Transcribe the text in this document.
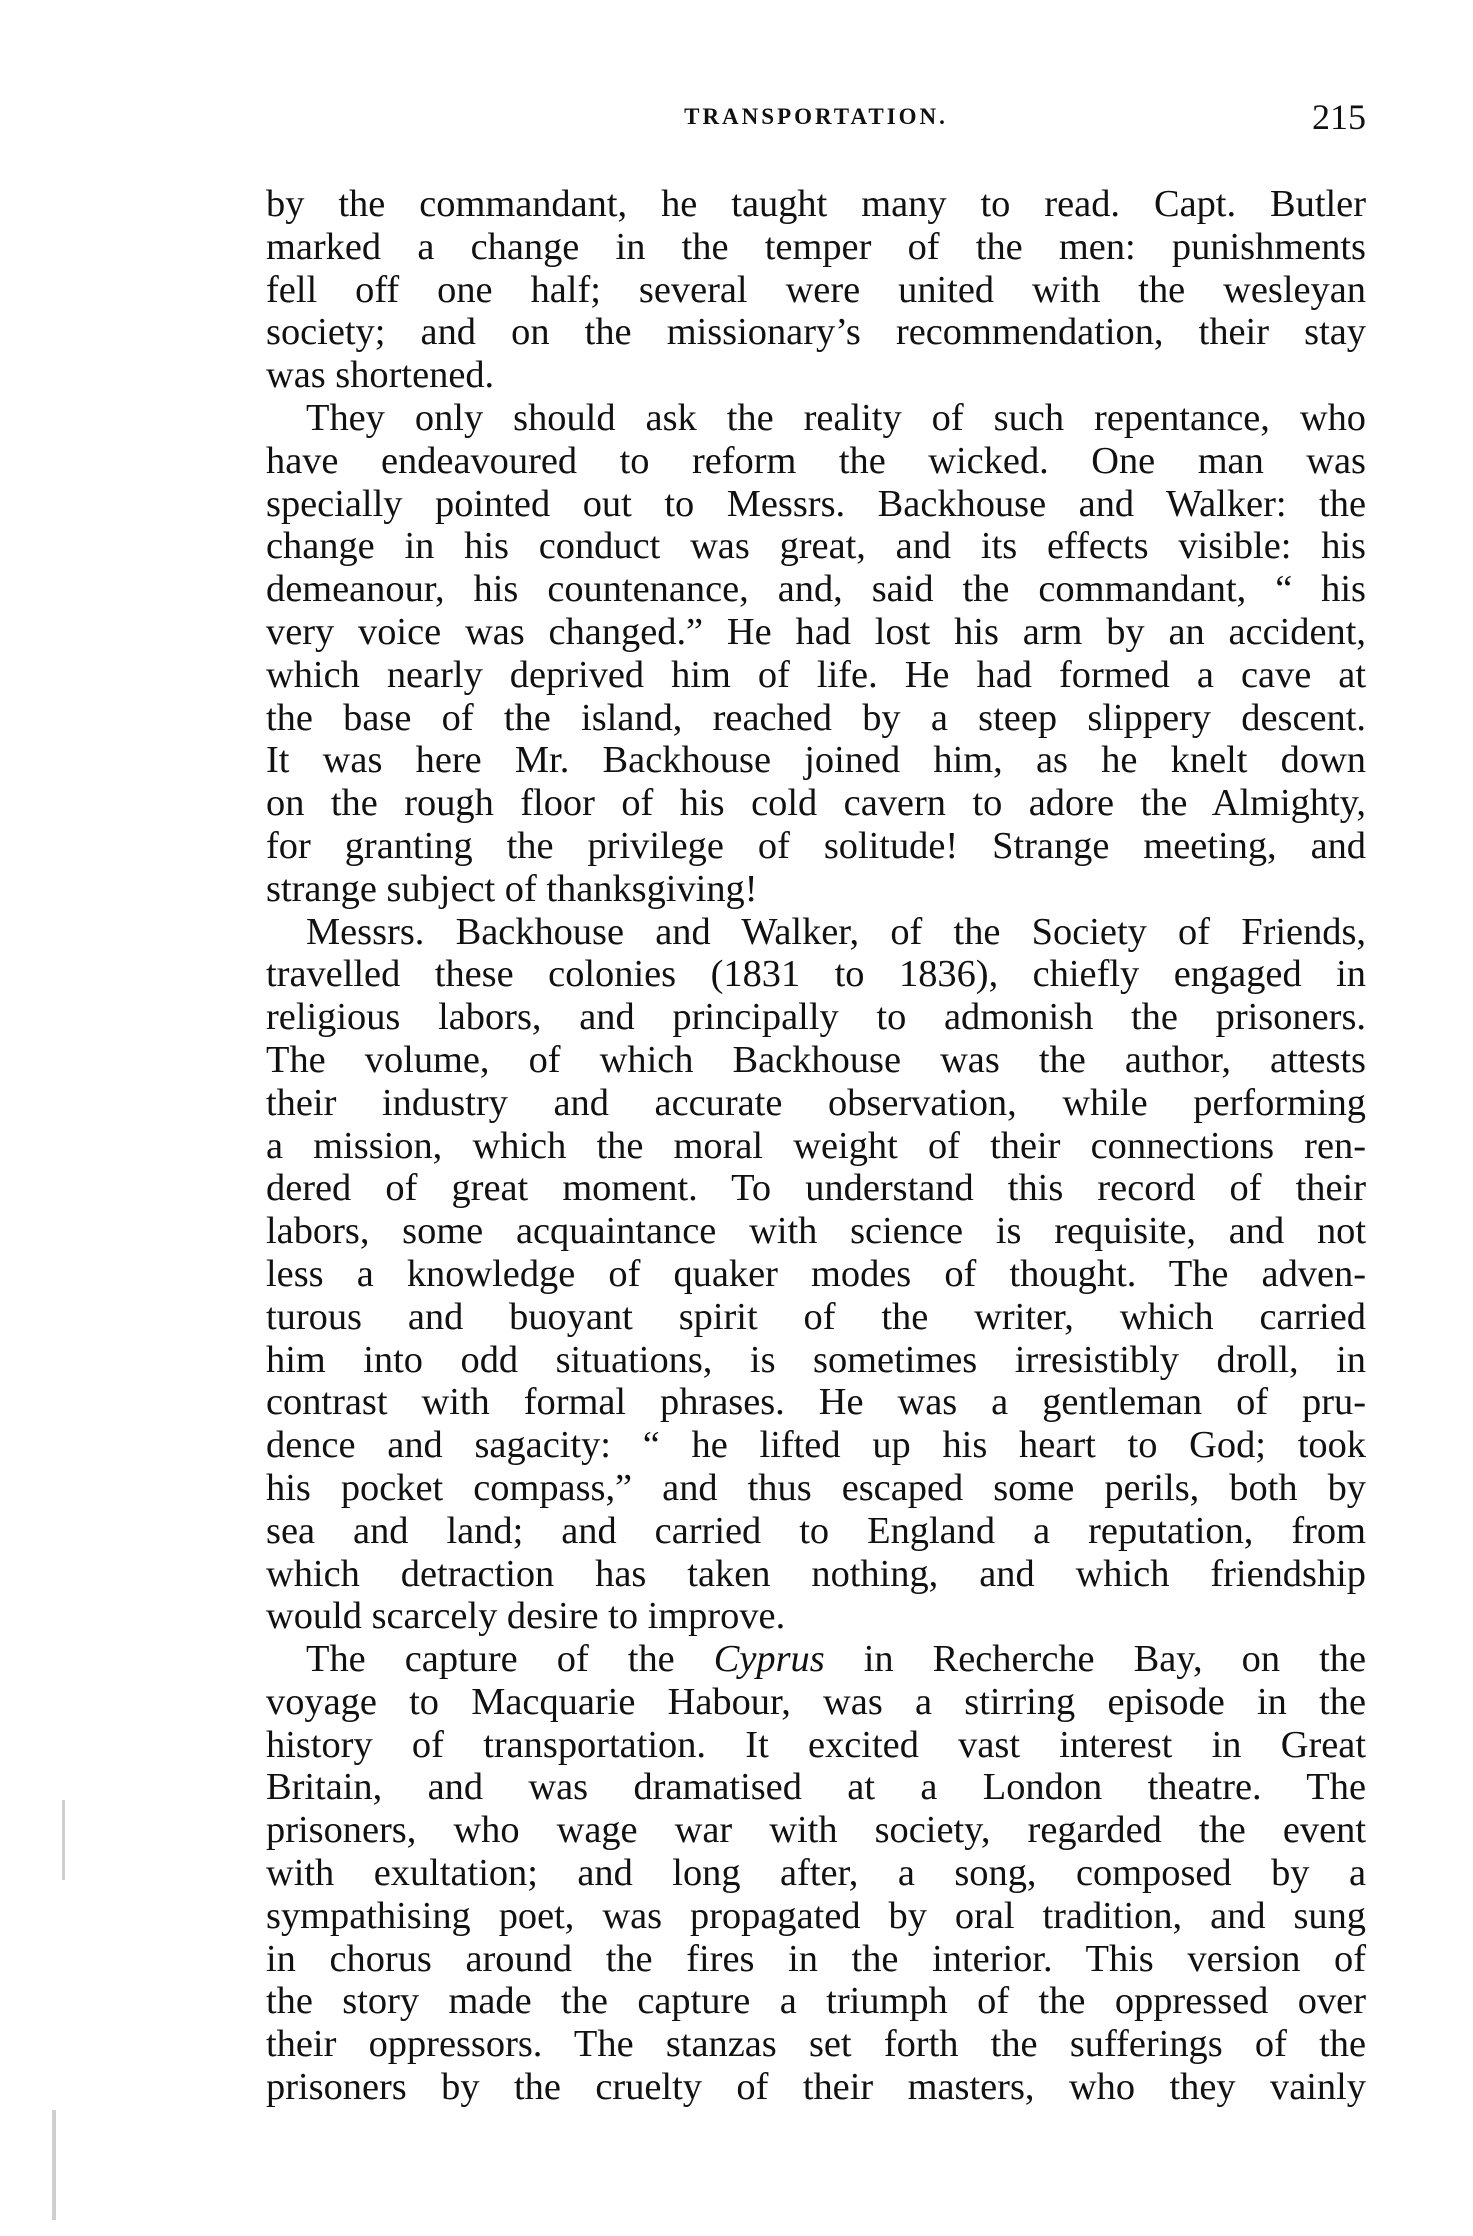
TRANSPORTATION.	215
by the commandant, he taught many to read. Capt. Butler
marked a change in the temper of the men: punishments
fell off one half; several were united with the wesleyan
society; and on the missionary’s recommendation, their stay
was shortened.
They only should ask the reality of such repentance, who
have endeavoured to reform the wicked. One man was
specially pointed out to Messrs. Backhouse and Walker: the
change in his conduct was great, and its effects visible: his
demeanour, his countenance, and, said the commandant, “ his
very voice was changed.” He had lost his arm by an accident,
which nearly deprived him of life. He had formed a cave at
the base of the island, reached by a steep slippery descent.
It was here Mr. Backhouse joined him, as he knelt down
on the rough floor of his cold cavern to adore the Almighty,
for granting the privilege of solitude! Strange meeting, and
strange subject of thanksgiving!
Messrs. Backhouse and Walker, of the Society of Friends,
travelled these colonies (1831 to 1836), chiefly engaged in
religious labors, and principally to admonish the prisoners.
The volume, of which Backhouse was the author, attests
their industry and accurate observation, while performing
a mission, which the moral weight of their connections ren-
dered of great moment. To understand this record of their
labors, some acquaintance with science is requisite, and not
less a knowledge of quaker modes of thought. The adven-
turous and buoyant spirit of the writer, which carried
him into odd situations, is sometimes irresistibly droll, in
contrast with formal phrases. He was a gentleman of pru-
dence and sagacity: “ he lifted up his heart to God; took
his pocket compass,” and thus escaped some perils, both by
sea and land; and carried to England a reputation, from
which detraction has taken nothing, and which friendship
would scarcely desire to improve.
The capture of the Cyprus in Recherche Bay, on the
voyage to Macquarie Habour, was a stirring episode in the
history of transportation. It excited vast interest in Great
Britain, and was dramatised at a London theatre. The
prisoners, who wage war with society, regarded the event
with exultation; and long after, a song, composed by a
sympathising poet, was propagated by oral tradition, and sung
in chorus around the fires in the interior. This version of
the story made the capture a triumph of the oppressed over
their oppressors. The stanzas set forth the sufferings of the
prisoners by the cruelty of their masters, who they vainly
